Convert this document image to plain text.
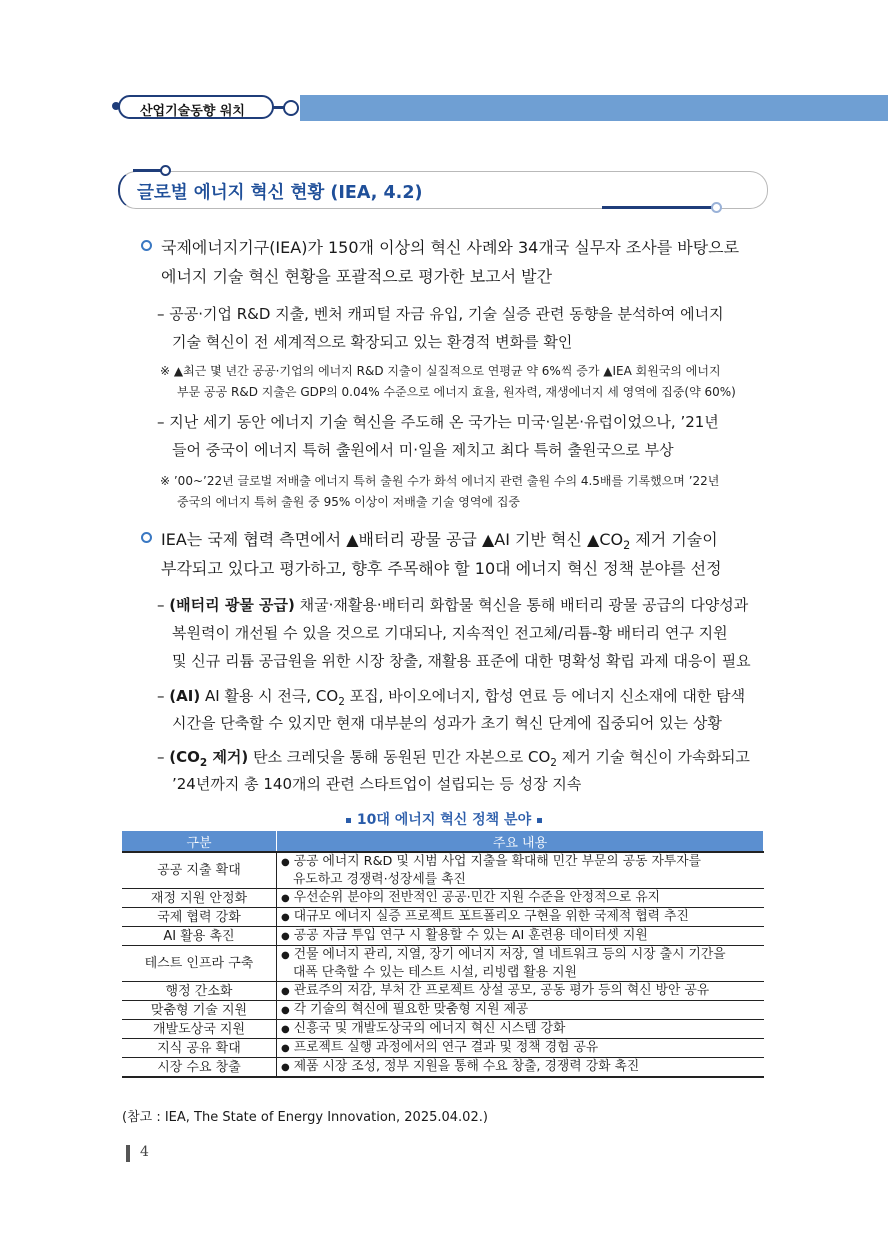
산업기술동향 워치
글로벌 에너지 혁신 현황 (IEA, 4.2)
국제에너지기구(IEA)가 150개 이상의 혁신 사례와 34개국 실무자 조사를 바탕으로
에너지 기술 혁신 현황을 포괄적으로 평가한 보고서 발간
– 공공·기업 R&D 지출, 벤처 캐피털 자금 유입, 기술 실증 관련 동향을 분석하여 에너지
기술 혁신이 전 세계적으로 확장되고 있는 환경적 변화를 확인
※ ▲최근 몇 년간 공공·기업의 에너지 R&D 지출이 실질적으로 연평균 약 6%씩 증가 ▲IEA 회원국의 에너지
부문 공공 R&D 지출은 GDP의 0.04% 수준으로 에너지 효율, 원자력, 재생에너지 세 영역에 집중(약 60%)
– 지난 세기 동안 에너지 기술 혁신을 주도해 온 국가는 미국·일본·유럽이었으나, ’21년
들어 중국이 에너지 특허 출원에서 미·일을 제치고 최다 특허 출원국으로 부상
※ ’00~’22년 글로벌 저배출 에너지 특허 출원 수가 화석 에너지 관련 출원 수의 4.5배를 기록했으며 ’22년
중국의 에너지 특허 출원 중 95% 이상이 저배출 기술 영역에 집중
IEA는 국제 협력 측면에서 ▲배터리 광물 공급 ▲AI 기반 혁신 $▲CO_2$ 제거 기술이
부각되고 있다고 평가하고, 향후 주목해야 할 10대 에너지 혁신 정책 분야를 선정
– (배터리 광물 공급) 채굴·재활용·배터리 화합물 혁신을 통해 배터리 광물 공급의 다양성과
복원력이 개선될 수 있을 것으로 기대되나, 지속적인 전고체/리튬-황 배터리 연구 지원
및 신규 리튬 공급원을 위한 시장 창출, 재활용 표준에 대한 명확성 확립 과제 대응이 필요
– (AI) AI 활용 시 전극, $CO_2$ 포집, 바이오에너지, 합성 연료 등 에너지 신소재에 대한 탐색
시간을 단축할 수 있지만 현재 대부분의 성과가 초기 혁신 단계에 집중되어 있는 상황
– ($CO_2$ 제거) 탄소 크레딧을 통해 동원된 민간 자본으로 $CO_2$ 제거 기술 혁신이 가속화되고
’24년까지 총 140개의 관련 스타트업이 설립되는 등 성장 지속
10대 에너지 혁신 정책 분야
구분	주요 내용
공공 지출 확대	● 공공 에너지 R&D 및 시범 사업 지출을 확대해 민간 부문의 공동 자투자를
유도하고 경쟁력·성장세를 촉진

재정 지원 안정화	● 우선순위 분야의 전반적인 공공·민간 지원 수준을 안정적으로 유지

국제 협력 강화	● 대규모 에너지 실증 프로젝트 포트폴리오 구현을 위한 국제적 협력 추진

AI 활용 촉진	● 공공 자금 투입 연구 시 활용할 수 있는 AI 훈련용 데이터셋 지원

테스트 인프라 구축	● 건물 에너지 관리, 지열, 장기 에너지 저장, 열 네트워크 등의 시장 출시 기간을
대폭 단축할 수 있는 테스트 시설, 리빙랩 활용 지원

행정 간소화	● 관료주의 저감, 부처 간 프로젝트 상설 공모, 공동 평가 등의 혁신 방안 공유

맞춤형 기술 지원	● 각 기술의 혁신에 필요한 맞춤형 지원 제공

개발도상국 지원	● 신흥국 및 개발도상국의 에너지 혁신 시스템 강화

지식 공유 확대	● 프로젝트 실행 과정에서의 연구 결과 및 정책 경험 공유

시장 수요 창출	● 제품 시장 조성, 정부 지원을 통해 수요 창출, 경쟁력 강화 촉진
(참고 : IEA, The State of Energy Innovation, 2025.04.02.)
4
